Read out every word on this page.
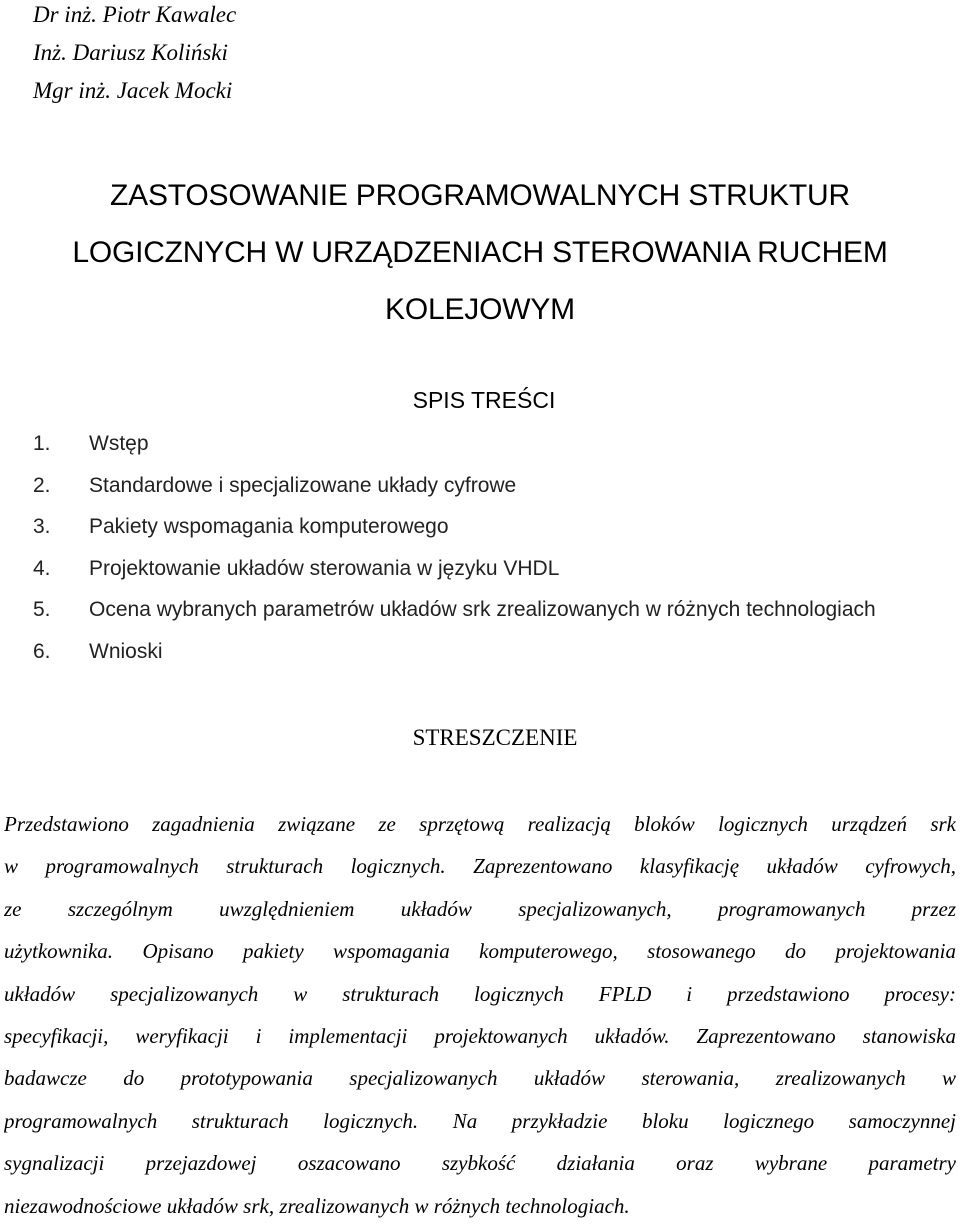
Dr inż. Piotr Kawalec
Inż. Dariusz Koliński
Mgr inż. Jacek Mocki
ZASTOSOWANIE PROGRAMOWALNYCH STRUKTUR
LOGICZNYCH W URZĄDZENIACH STEROWANIA RUCHEM
KOLEJOWYM
SPIS TREŚCI
1. Wstęp
2. Standardowe i specjalizowane układy cyfrowe
3. Pakiety wspomagania komputerowego
4. Projektowanie układów sterowania w języku VHDL
5. Ocena wybranych parametrów układów srk zrealizowanych w różnych technologiach
6. Wnioski
STRESZCZENIE
Przedstawiono zagadnienia związane ze sprzętową realizacją bloków logicznych urządzeń srk
w programowalnych strukturach logicznych. Zaprezentowano klasyfikację układów cyfrowych,
ze szczególnym uwzględnieniem układów specjalizowanych, programowanych przez
użytkownika. Opisano pakiety wspomagania komputerowego, stosowanego do projektowania
układów specjalizowanych w strukturach logicznych FPLD i przedstawiono procesy:
specyfikacji, weryfikacji i implementacji projektowanych układów. Zaprezentowano stanowiska
badawcze do prototypowania specjalizowanych układów sterowania, zrealizowanych w
programowalnych strukturach logicznych. Na przykładzie bloku logicznego samoczynnej
sygnalizacji przejazdowej oszacowano szybkość działania oraz wybrane parametry
niezawodnościowe układów srk, zrealizowanych w różnych technologiach.
